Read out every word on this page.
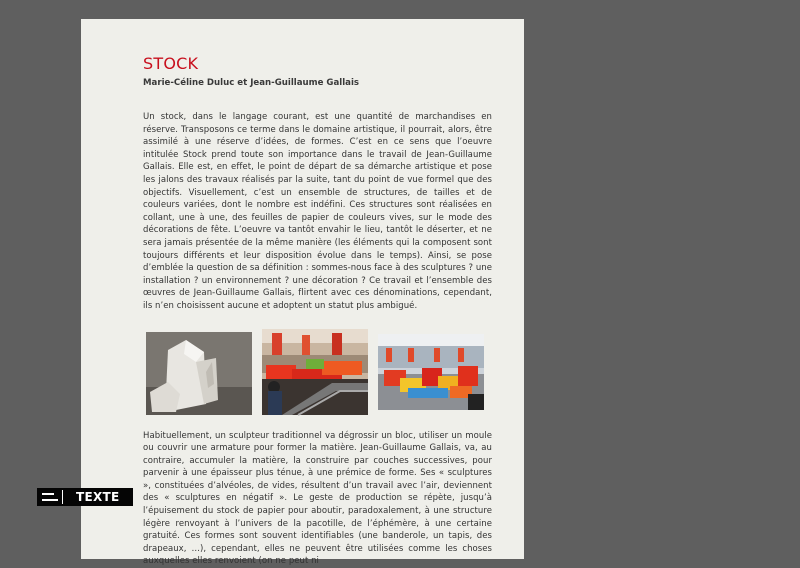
STOCK
Marie-Céline Duluc et Jean-Guillaume Gallais
Un stock, dans le langage courant, est une quantité de marchandises en réserve. Transposons ce terme dans le domaine artistique, il pourrait, alors, être assimilé à une réserve d’idées, de formes. C’est en ce sens que l’oeuvre intitulée Stock prend toute son importance dans le travail de Jean-Guillaume Gallais. Elle est, en effet, le point de départ de sa démarche artistique et pose les jalons des travaux réalisés par la suite, tant du point de vue formel que des objectifs. Visuellement, c’est un ensemble de structures, de tailles et de couleurs variées, dont le nombre est indéfini. Ces structures sont réalisées en collant, une à une, des feuilles de papier de couleurs vives, sur le mode des décorations de fête. L’oeuvre va tantôt envahir le lieu, tantôt le déserter, et ne sera jamais présentée de la même manière (les éléments qui la composent sont toujours différents et leur disposition évolue dans le temps). Ainsi, se pose d’emblée la question de sa définition : sommes-nous face à des sculptures ? une installation ? un environnement ? une décoration ? Ce travail et l’ensemble des œuvres de Jean-Guillaume Gallais, flirtent avec ces dénominations, cependant, ils n’en choisissent aucune et adoptent un statut plus ambigué.
Habituellement, un sculpteur traditionnel va dégrossir un bloc, utiliser un moule ou couvrir une armature pour former la matière. Jean-Guillaume Gallais, va, au contraire, accumuler la matière, la construire par couches successives, pour parvenir à une épaisseur plus ténue, à une prémice de forme. Ses « sculptures », constituées d’alvéoles, de vides, résultent d’un travail avec l’air, deviennent des « sculptures en négatif ». Le geste de production se répète, jusqu’à l’épuisement du stock de papier pour aboutir, paradoxalement, à une structure légère renvoyant à l’univers de la pacotille, de l’éphémère, à une certaine gratuité. Ces formes sont souvent identifiables (une banderole, un tapis, des drapeaux, …), cependant, elles ne peuvent être utilisées comme les choses auxquelles elles renvoient (on ne peut ni
TEXTE
